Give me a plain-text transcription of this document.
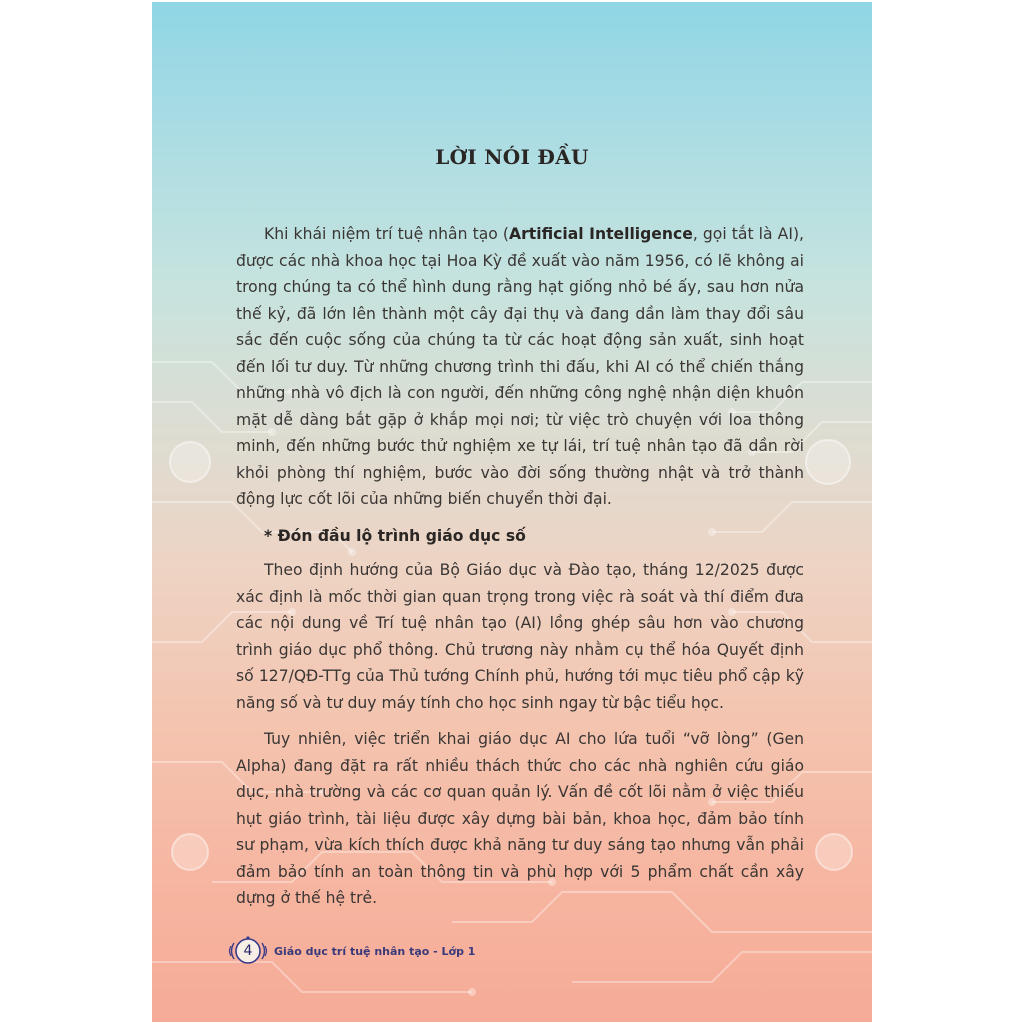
LỜI NÓI ĐẦU

Khi khái niệm trí tuệ nhân tạo (Artificial Intelligence, gọi tắt là AI), được các nhà khoa học tại Hoa Kỳ đề xuất vào năm 1956, có lẽ không ai trong chúng ta có thể hình dung rằng hạt giống nhỏ bé ấy, sau hơn nửa thế kỷ, đã lớn lên thành một cây đại thụ và đang dần làm thay đổi sâu sắc đến cuộc sống của chúng ta từ các hoạt động sản xuất, sinh hoạt đến lối tư duy. Từ những chương trình thi đấu, khi AI có thể chiến thắng những nhà vô địch là con người, đến những công nghệ nhận diện khuôn mặt dễ dàng bắt gặp ở khắp mọi nơi; từ việc trò chuyện với loa thông minh, đến những bước thử nghiệm xe tự lái, trí tuệ nhân tạo đã dần rời khỏi phòng thí nghiệm, bước vào đời sống thường nhật và trở thành động lực cốt lõi của những biến chuyển thời đại.

* Đón đầu lộ trình giáo dục số

Theo định hướng của Bộ Giáo dục và Đào tạo, tháng 12/2025 được xác định là mốc thời gian quan trọng trong việc rà soát và thí điểm đưa các nội dung về Trí tuệ nhân tạo (AI) lồng ghép sâu hơn vào chương trình giáo dục phổ thông. Chủ trương này nhằm cụ thể hóa Quyết định số 127/QĐ-TTg của Thủ tướng Chính phủ, hướng tới mục tiêu phổ cập kỹ năng số và tư duy máy tính cho học sinh ngay từ bậc tiểu học.

Tuy nhiên, việc triển khai giáo dục AI cho lứa tuổi “vỡ lòng” (Gen Alpha) đang đặt ra rất nhiều thách thức cho các nhà nghiên cứu giáo dục, nhà trường và các cơ quan quản lý. Vấn đề cốt lõi nằm ở việc thiếu hụt giáo trình, tài liệu được xây dựng bài bản, khoa học, đảm bảo tính sư phạm, vừa kích thích được khả năng tư duy sáng tạo nhưng vẫn phải đảm bảo tính an toàn thông tin và phù hợp với 5 phẩm chất cần xây dựng ở thế hệ trẻ.

4	Giáo dục trí tuệ nhân tạo - Lớp 1
